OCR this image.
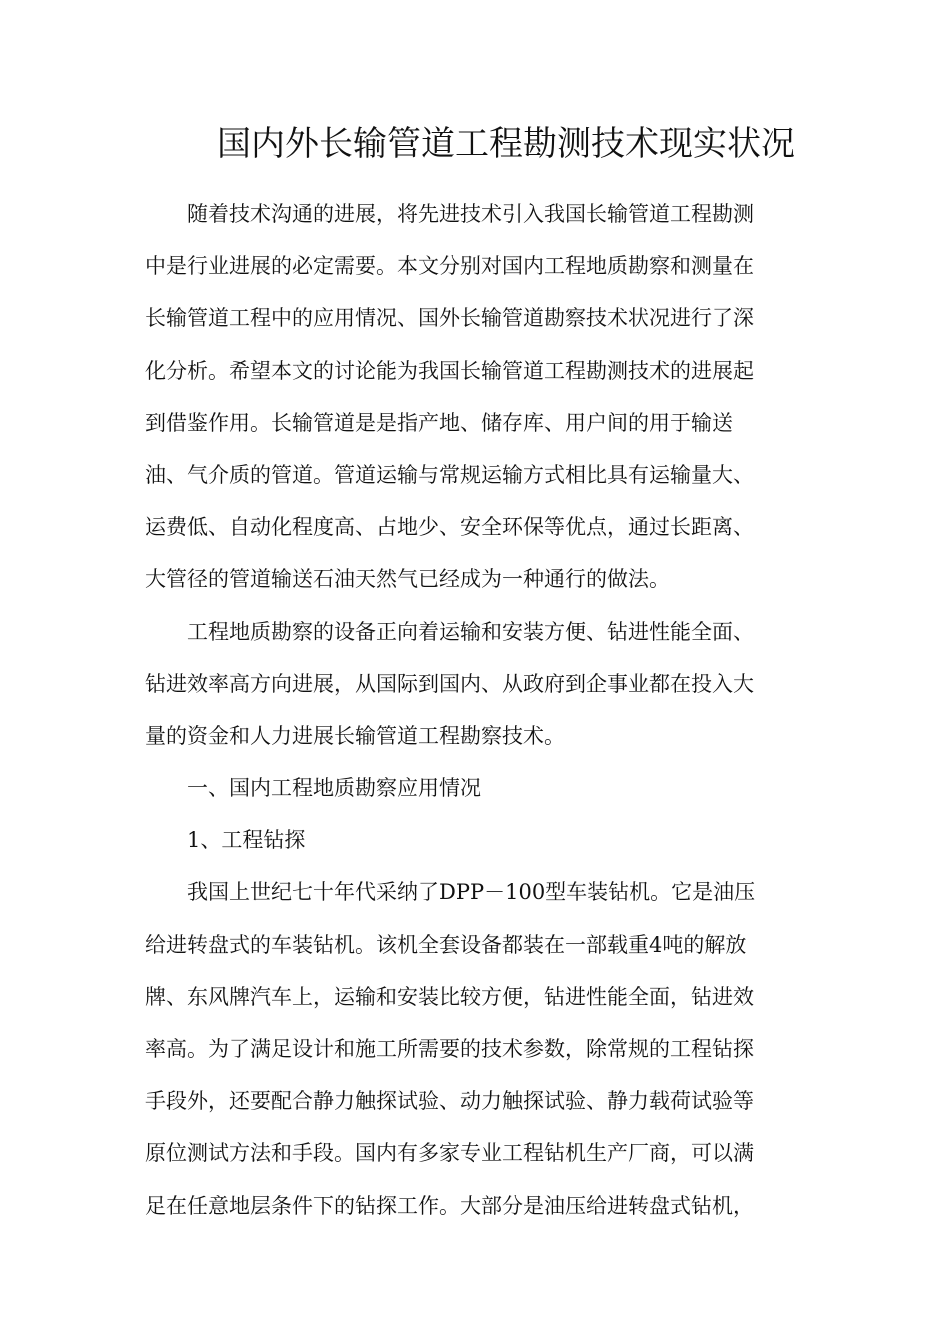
国内外长输管道工程勘测技术现实状况
随着技术沟通的进展，将先进技术引入我国长输管道工程勘测
中是行业进展的必定需要。本文分别对国内工程地质勘察和测量在
长输管道工程中的应用情况、国外长输管道勘察技术状况进行了深
化分析。希望本文的讨论能为我国长输管道工程勘测技术的进展起
到借鉴作用。长输管道是是指产地、储存库、用户间的用于输送
油、气介质的管道。管道运输与常规运输方式相比具有运输量大、
运费低、自动化程度高、占地少、安全环保等优点，通过长距离、
大管径的管道输送石油天然气已经成为一种通行的做法。
工程地质勘察的设备正向着运输和安装方便、钻进性能全面、
钻进效率高方向进展，从国际到国内、从政府到企事业都在投入大
量的资金和人力进展长输管道工程勘察技术。
一、国内工程地质勘察应用情况
1、工程钻探
我国上世纪七十年代采纳了DPP－100型车装钻机。它是油压
给进转盘式的车装钻机。该机全套设备都装在一部载重4吨的解放
牌、东风牌汽车上，运输和安装比较方便，钻进性能全面，钻进效
率高。为了满足设计和施工所需要的技术参数，除常规的工程钻探
手段外，还要配合静力触探试验、动力触探试验、静力载荷试验等
原位测试方法和手段。国内有多家专业工程钻机生产厂商，可以满
足在任意地层条件下的钻探工作。大部分是油压给进转盘式钻机，
